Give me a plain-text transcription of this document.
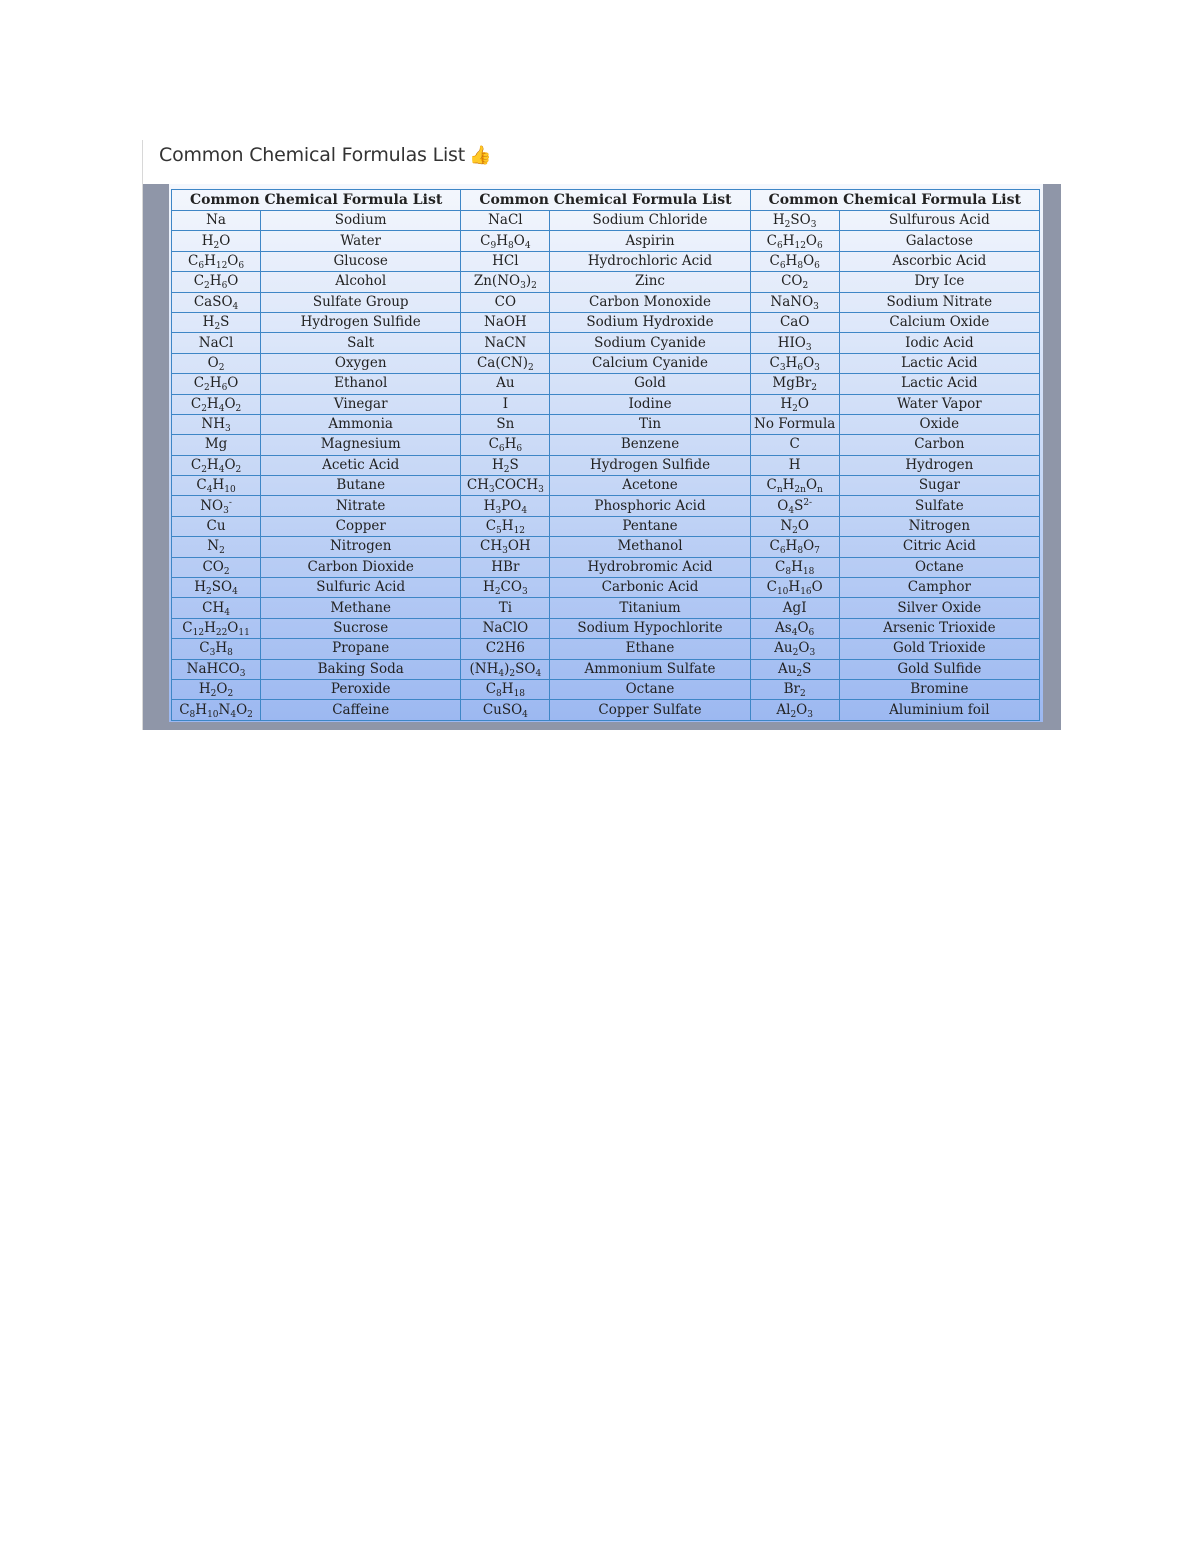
Common Chemical Formulas List 👍
Common Chemical Formula List		Common Chemical Formula List		Common Chemical Formula List	
Na	Sodium	NaCl	Sodium Chloride	$H_2SO_3$	Sulfurous Acid
$H_2O$	Water	$C_9H_8O_4$	Aspirin	$C_6H_{12}O_6$	Galactose
$C_6H_{12}O_6$	Glucose	HCl	Hydrochloric Acid	$C_6H_8O_6$	Ascorbic Acid
$C_2H_6O$	Alcohol	$Zn(NO_3)_2$	Zinc	$CO_2$	Dry Ice
CaSO$_4$	Sulfate Group	CO	Carbon Monoxide	NaNO$_3$	Sodium Nitrate
$H_2S$	Hydrogen Sulfide	NaOH	Sodium Hydroxide	CaO	Calcium Oxide
NaCl	Salt	NaCN	Sodium Cyanide	$HIO_3$	Iodic Acid
$O_2$	Oxygen	$Ca(CN)_2$	Calcium Cyanide	$C_3H_6O_3$	Lactic Acid
$C_2H_6O$	Ethanol	Au	Gold	MgBr$_2$	Lactic Acid
$C_2H_4O_2$	Vinegar	I	Iodine	$H_2O$	Water Vapor
$NH_3$	Ammonia	Sn	Tin	No Formula	Oxide
Mg	Magnesium	$C_6H_6$	Benzene	C	Carbon
$C_2H_4O_2$	Acetic Acid	$H_2S$	Hydrogen Sulfide	H	Hydrogen
$C_4H_{10}$	Butane	$CH_3COCH_3$	Acetone	$C_nH_{2n}O_n$	Sugar
$NO_3^-$	Nitrate	$H_3PO_4$	Phosphoric Acid	$O_4S^{2-}$	Sulfate
Cu	Copper	$C_5H_{12}$	Pentane	$N_2O$	Nitrogen
$N_2$	Nitrogen	$CH_3OH$	Methanol	$C_6H_8O_7$	Citric Acid
$CO_2$	Carbon Dioxide	HBr	Hydrobromic Acid	$C_8H_{18}$	Octane
$H_2SO_4$	Sulfuric Acid	$H_2CO_3$	Carbonic Acid	$C_{10}H_{16}O$	Camphor
$CH_4$	Methane	Ti	Titanium	AgI	Silver Oxide
$C_{12}H_{22}O_{11}$	Sucrose	NaClO	Sodium Hypochlorite	$As_4O_6$	Arsenic Trioxide
$C_3H_8$	Propane	C2H6	Ethane	$Au_2O_3$	Gold Trioxide
NaHCO$_3$	Baking Soda	$(NH_4)_2SO_4$	Ammonium Sulfate	$Au_2S$	Gold Sulfide
$H_2O_2$	Peroxide	$C_8H_{18}$	Octane	$Br_2$	Bromine
$C_8H_{10}N_4O_2$	Caffeine	CuSO$_4$	Copper Sulfate	$Al_2O_3$	Aluminium foil
